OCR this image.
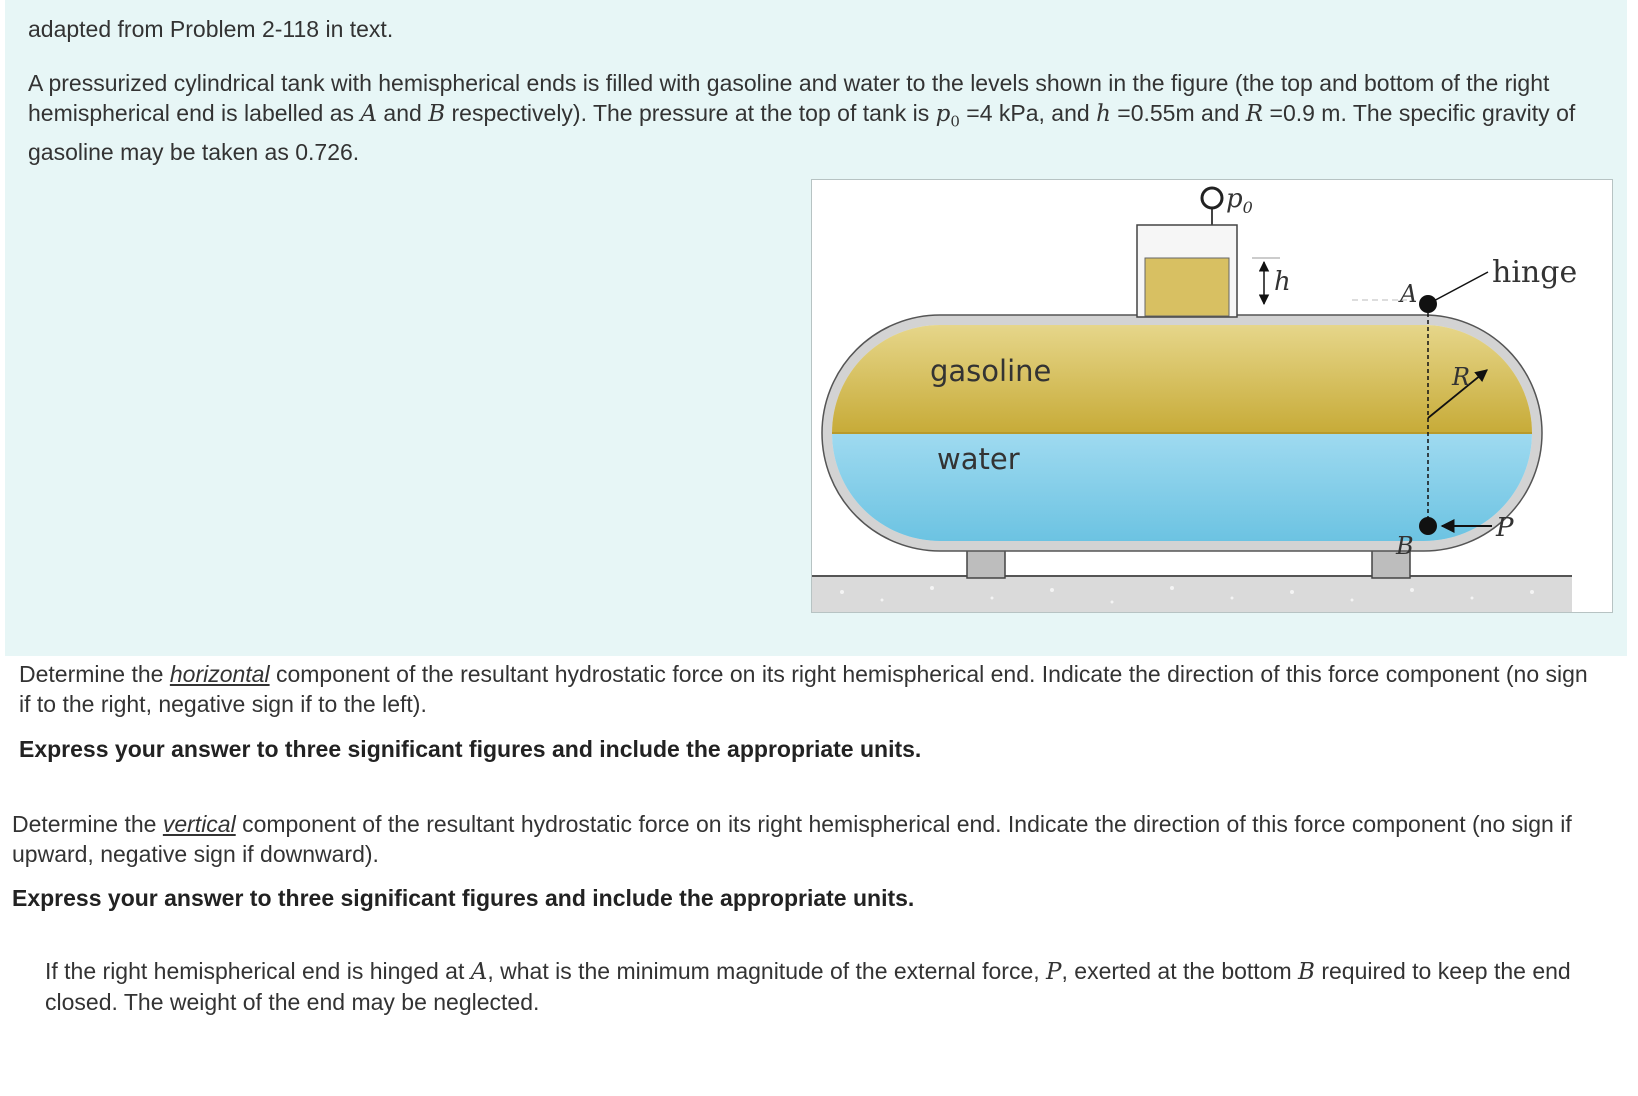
adapted from Problem 2-118 in text.

A pressurized cylindrical tank with hemispherical ends is filled with gasoline and water to the levels shown in the figure (the top and bottom of the right hemispherical end is labelled as A and B respectively). The pressure at the top of tank is $p_0 =4$ kPa, and h =0.55m and R =0.9 m. The specific gravity of gasoline may be taken as 0.726.

$p_0$
h	A
hinge
R
gasoline
water
B
P

Determine the horizontal component of the resultant hydrostatic force on its right hemispherical end. Indicate the direction of this force component (no sign if to the right, negative sign if to the left).

Express your answer to three significant figures and include the appropriate units.

Determine the vertical component of the resultant hydrostatic force on its right hemispherical end. Indicate the direction of this force component (no sign if upward, negative sign if downward).

Express your answer to three significant figures and include the appropriate units.

If the right hemispherical end is hinged at A, what is the minimum magnitude of the external force, P, exerted at the bottom B required to keep the end closed. The weight of the end may be neglected.
